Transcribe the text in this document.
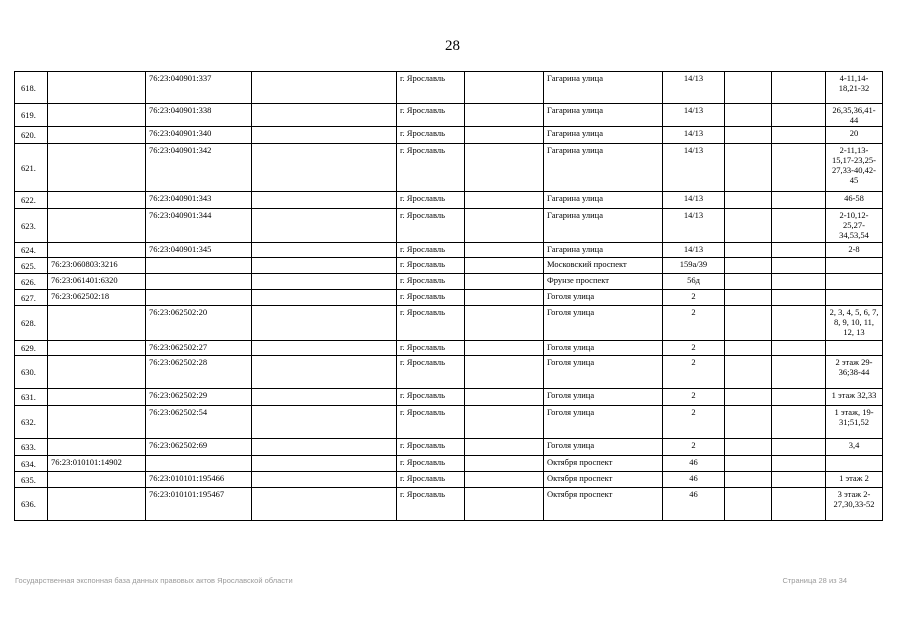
28
618.		76:23:040901:337		г. Ярославль		Гагарина улица	14/13			4-11,14-18,21-32
619.		76:23:040901:338		г. Ярославль		Гагарина улица	14/13			26,35,36,41-44
620.		76:23:040901:340		г. Ярославль		Гагарина улица	14/13			20
621.		76:23:040901:342		г. Ярославль		Гагарина улица	14/13			2-11,13-15,17-23,25-27,33-40,42-45
622.		76:23:040901:343		г. Ярославль		Гагарина улица	14/13			46-58
623.		76:23:040901:344		г. Ярославль		Гагарина улица	14/13			2-10,12-25,27-34,53,54
624.		76:23:040901:345		г. Ярославль		Гагарина улица	14/13			2-8
625.	76:23:060803:3216			г. Ярославль		Московский проспект	159а/39			
626.	76:23:061401:6320			г. Ярославль		Фрунзе проспект	56д			
627.	76:23:062502:18			г. Ярославль		Гоголя улица	2			
628.		76:23:062502:20		г. Ярославль		Гоголя улица	2			2, 3, 4, 5, 6, 7, 8, 9, 10, 11, 12, 13
629.		76:23:062502:27		г. Ярославль		Гоголя улица	2			
630.		76:23:062502:28		г. Ярославль		Гоголя улица	2			2 этаж 29-36;38-44
631.		76:23:062502:29		г. Ярославль		Гоголя улица	2			1 этаж 32,33
632.		76:23:062502:54		г. Ярославль		Гоголя улица	2			1 этаж, 19-31;51,52
633.		76:23:062502:69		г. Ярославль		Гоголя улица	2			3,4
634.	76:23:010101:14902			г. Ярославль		Октября проспект	46			
635.		76:23:010101:195466		г. Ярославль		Октября проспект	46			1 этаж 2
636.		76:23:010101:195467		г. Ярославль		Октября проспект	46			3 этаж 2-27,30,33-52
Государственная экспонная база данных правовых актов Ярославской области	Страница 28 из 34
